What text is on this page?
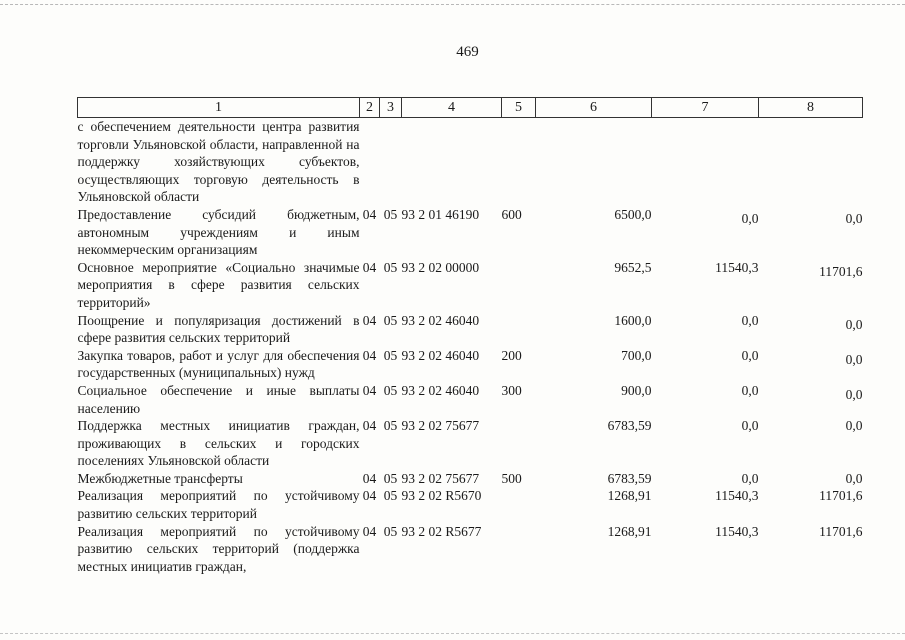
469
1	2	3	4	5	6	7	8
с обеспечением деятельности центра развития торговли Ульяновской области, направленной на поддержку хозяйствующих субъектов, осуществляющих торговую деятельность в Ульяновской области							
Предоставление субсидий бюджетным, автономным учреждениям и иным некоммерческим организациям	04	05	93 2 01 46190	600	6500,0	0,0	0,0
Основное мероприятие «Социально значимые мероприятия в сфере развития сельских территорий»	04	05	93 2 02 00000		9652,5	11540,3	11701,6
Поощрение и популяризация достижений в сфере развития сельских территорий	04	05	93 2 02 46040		1600,0	0,0	0,0
Закупка товаров, работ и услуг для обеспечения государственных (муниципальных) нужд	04	05	93 2 02 46040	200	700,0	0,0	0,0
Социальное обеспечение и иные выплаты населению	04	05	93 2 02 46040	300	900,0	0,0	0,0
Поддержка местных инициатив граждан, проживающих в сельских и городских поселениях Ульяновской области	04	05	93 2 02 75677		6783,59	0,0	0,0
Межбюджетные трансферты	04	05	93 2 02 75677	500	6783,59	0,0	0,0
Реализация мероприятий по устойчивому развитию сельских территорий	04	05	93 2 02 R5670		1268,91	11540,3	11701,6
Реализация мероприятий по устойчивому развитию сельских территорий (поддержка местных инициатив граждан,	04	05	93 2 02 R5677		1268,91	11540,3	11701,6
